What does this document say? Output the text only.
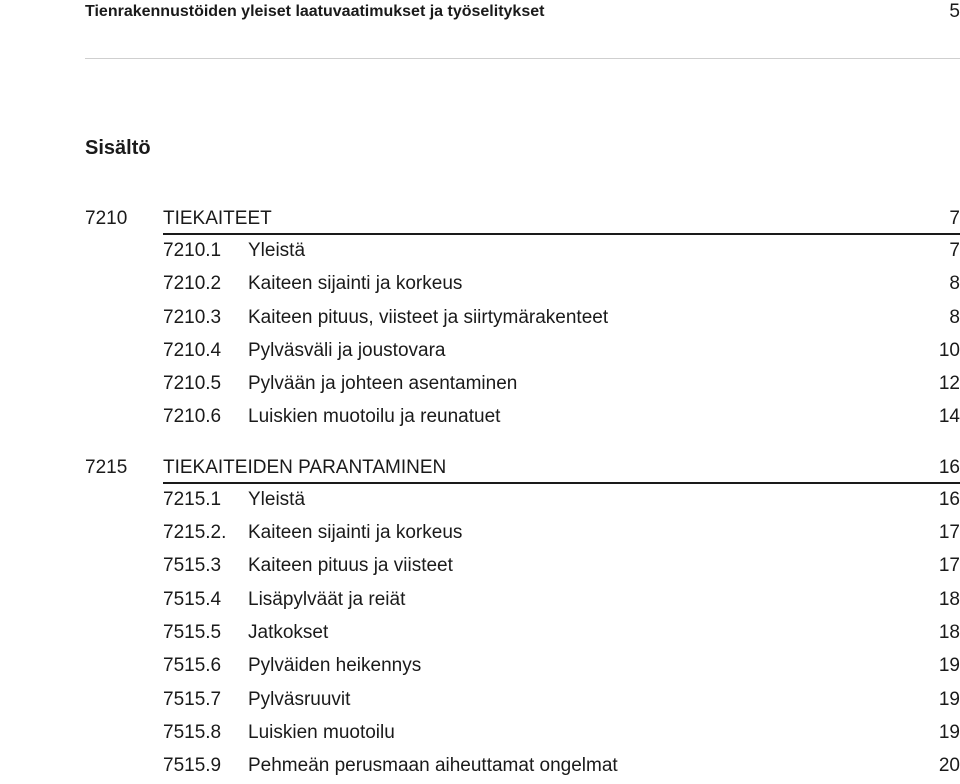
Tienrakennustöiden yleiset laatuvaatimukset ja työselitykset	5
Sisältö
7210 TIEKAITEET	7
7210.1 Yleistä	7
7210.2 Kaiteen sijainti ja korkeus	8
7210.3 Kaiteen pituus, viisteet ja siirtymärakenteet	8
7210.4 Pylväsväli ja joustovara	10
7210.5 Pylvään ja johteen asentaminen	12
7210.6 Luiskien muotoilu ja reunatuet	14
7215 TIEKAITEIDEN PARANTAMINEN	16
7215.1 Yleistä	16
7215.2. Kaiteen sijainti ja korkeus	17
7515.3 Kaiteen pituus ja viisteet	17
7515.4 Lisäpylväät ja reiät	18
7515.5 Jatkokset	18
7515.6 Pylväiden heikennys	19
7515.7 Pylväsruuvit	19
7515.8 Luiskien muotoilu	19
7515.9 Pehmeän perusmaan aiheuttamat ongelmat	20
